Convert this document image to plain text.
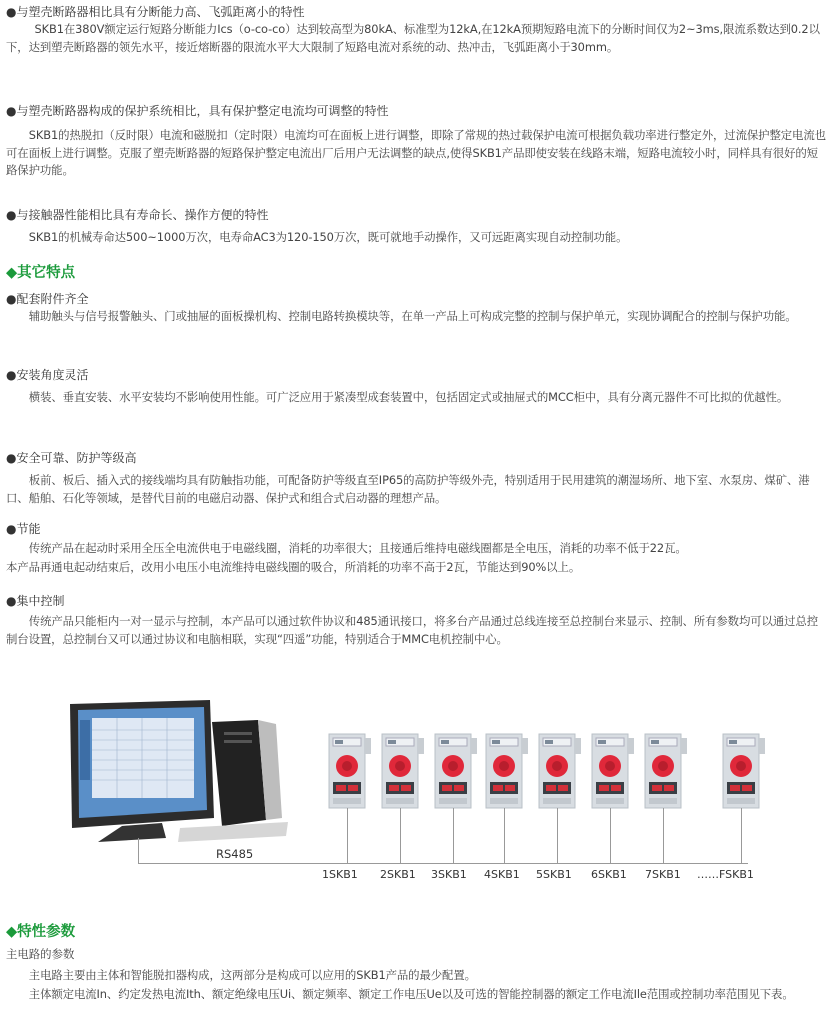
●与塑壳断路器相比具有分断能力高、飞弧距离小的特性
SKB1在380V额定运行短路分断能力Ics（o-co-co）达到较高型为80kA、标准型为12kA,在12kA预期短路电流下的分断时间仅为2~3ms,限流系数达到0.2以下，达到塑壳断路器的领先水平，接近熔断器的限流水平大大限制了短路电流对系统的动、热冲击，飞弧距离小于30mm。
●与塑壳断路器构成的保护系统相比，具有保护整定电流均可调整的特性
SKB1的热脱扣（反时限）电流和磁脱扣（定时限）电流均可在面板上进行调整，即除了常规的热过载保护电流可根据负载功率进行整定外，过流保护整定电流也可在面板上进行调整。克服了塑壳断路器的短路保护整定电流出厂后用户无法调整的缺点,使得SKB1产品即使安装在线路末端，短路电流较小时，同样具有很好的短路保护功能。
●与接触器性能相比具有寿命长、操作方便的特性
SKB1的机械寿命达500~1000万次，电寿命AC3为120-150万次，既可就地手动操作，又可远距离实现自动控制功能。
◆其它特点
●配套附件齐全
辅助触头与信号报警触头、门或抽屉的面板操机构、控制电路转换模块等，在单一产品上可构成完整的控制与保护单元，实现协调配合的控制与保护功能。
●安装角度灵活
横装、垂直安装、水平安装均不影响使用性能。可广泛应用于紧凑型成套装置中，包括固定式或抽屉式的MCC柜中，具有分离元器件不可比拟的优越性。
●安全可靠、防护等级高
板前、板后、插入式的接线端均具有防触指功能，可配备防护等级直至IP65的高防护等级外壳，特别适用于民用建筑的潮湿场所、地下室、水泵房、煤矿、港口、船舶、石化等领域，是替代目前的电磁启动器、保护式和组合式启动器的理想产品。
●节能
传统产品在起动时采用全压全电流供电于电磁线圈，消耗的功率很大；且接通后维持电磁线圈都是全电压，消耗的功率不低于22瓦。
本产品再通电起动结束后，改用小电压小电流维持电磁线圈的吸合，所消耗的功率不高于2瓦，节能达到90%以上。
●集中控制
传统产品只能柜内一对一显示与控制，本产品可以通过软件协议和485通讯接口，将多台产品通过总线连接至总控制台来显示、控制、所有参数均可以通过总控制台设置，总控制台又可以通过协议和电脑相联，实现“四遥”功能，特别适合于MMC电机控制中心。
RS485
1SKB1 2SKB1 3SKB1 4SKB1 5SKB1 6SKB1 7SKB1 ……FSKB1
◆特性参数
主电路的参数
主电路主要由主体和智能脱扣器构成，这两部分是构成可以应用的SKB1产品的最少配置。
主体额定电流In、约定发热电流Ith、额定绝缘电压Ui、额定频率、额定工作电压Ue以及可选的智能控制器的额定工作电流Ile范围或控制功率范围见下表。
